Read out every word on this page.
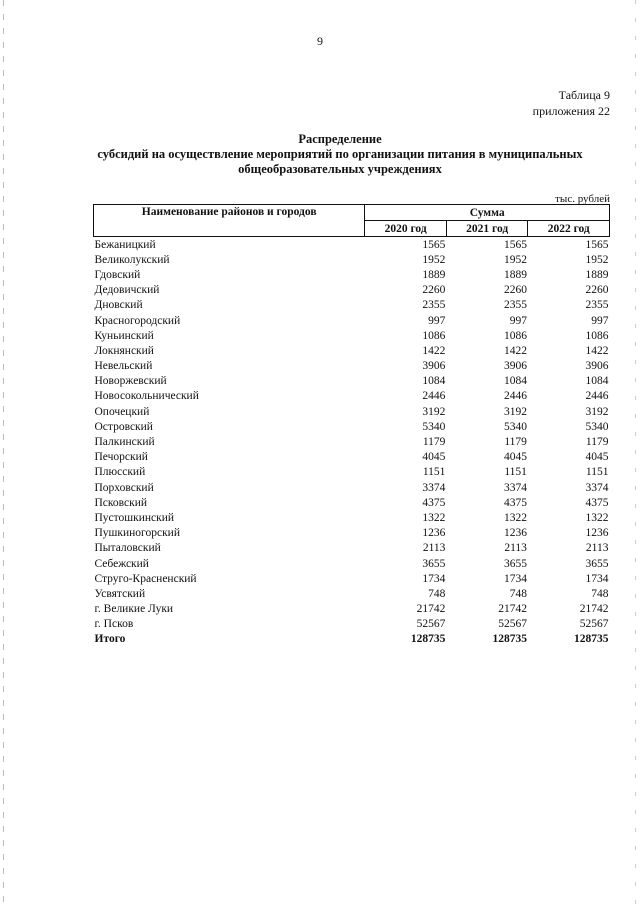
9
Таблица 9
приложения 22
Распределение
субсидий на осуществление мероприятий по организации питания в муниципальных
общеобразовательных учреждениях
тыс. рублей
Наименование районов и городов	Сумма		
	2020 год	2021 год	2022 год
Бежаницкий	1565	1565	1565
Великолукский	1952	1952	1952
Гдовский	1889	1889	1889
Дедовичский	2260	2260	2260
Дновский	2355	2355	2355
Красногородский	997	997	997
Куньинский	1086	1086	1086
Локнянский	1422	1422	1422
Невельский	3906	3906	3906
Новоржевский	1084	1084	1084
Новосокольнический	2446	2446	2446
Опочецкий	3192	3192	3192
Островский	5340	5340	5340
Палкинский	1179	1179	1179
Печорский	4045	4045	4045
Плюсский	1151	1151	1151
Порховский	3374	3374	3374
Псковский	4375	4375	4375
Пустошкинский	1322	1322	1322
Пушкиногорский	1236	1236	1236
Пыталовский	2113	2113	2113
Себежский	3655	3655	3655
Струго-Красненский	1734	1734	1734
Усвятский	748	748	748
г. Великие Луки	21742	21742	21742
г. Псков	52567	52567	52567
Итого	128735	128735	128735
